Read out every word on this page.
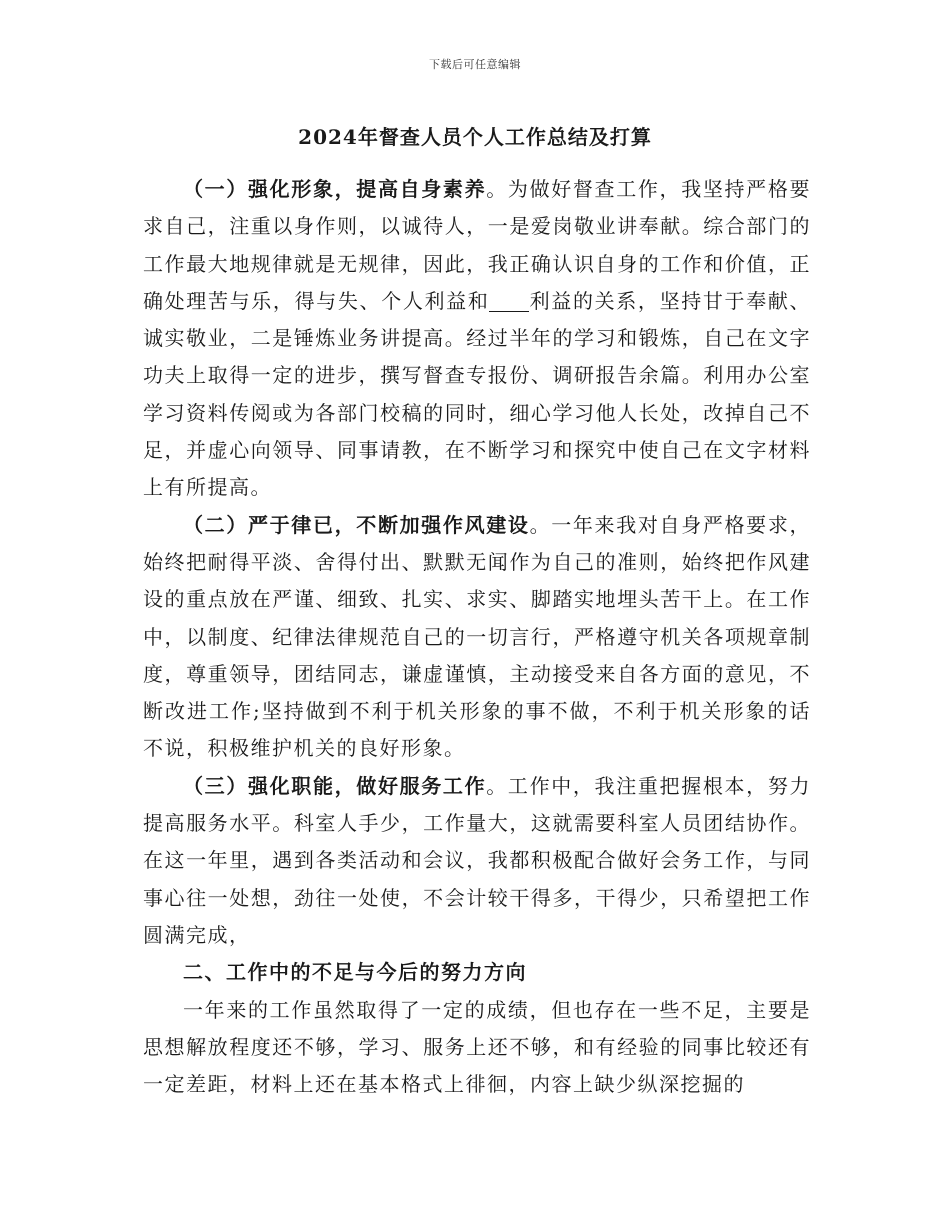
下载后可任意编辑
2024年督查人员个人工作总结及打算

（一）强化形象，提高自身素养。为做好督查工作，我坚持严格要求自己，注重以身作则，以诚待人，一是爱岗敬业讲奉献。综合部门的工作最大地规律就是无规律，因此，我正确认识自身的工作和价值，正确处理苦与乐，得与失、个人利益和 利益的关系，坚持甘于奉献、诚实敬业，二是锤炼业务讲提高。经过半年的学习和锻炼，自己在文字功夫上取得一定的进步，撰写督查专报份、调研报告余篇。利用办公室学习资料传阅或为各部门校稿的同时，细心学习他人长处，改掉自己不足，并虚心向领导、同事请教，在不断学习和探究中使自己在文字材料上有所提高。

（二）严于律已，不断加强作风建设。一年来我对自身严格要求，始终把耐得平淡、舍得付出、默默无闻作为自己的准则，始终把作风建设的重点放在严谨、细致、扎实、求实、脚踏实地埋头苦干上。在工作中，以制度、纪律法律规范自己的一切言行，严格遵守机关各项规章制度，尊重领导，团结同志，谦虚谨慎，主动接受来自各方面的意见，不断改进工作;坚持做到不利于机关形象的事不做，不利于机关形象的话不说，积极维护机关的良好形象。

（三）强化职能，做好服务工作。工作中，我注重把握根本，努力提高服务水平。科室人手少，工作量大，这就需要科室人员团结协作。在这一年里，遇到各类活动和会议，我都积极配合做好会务工作，与同事心往一处想，劲往一处使，不会计较干得多，干得少，只希望把工作圆满完成，

二、工作中的不足与今后的努力方向

一年来的工作虽然取得了一定的成绩，但也存在一些不足，主要是思想解放程度还不够，学习、服务上还不够，和有经验的同事比较还有一定差距，材料上还在基本格式上徘徊，内容上缺少纵深挖掘的
